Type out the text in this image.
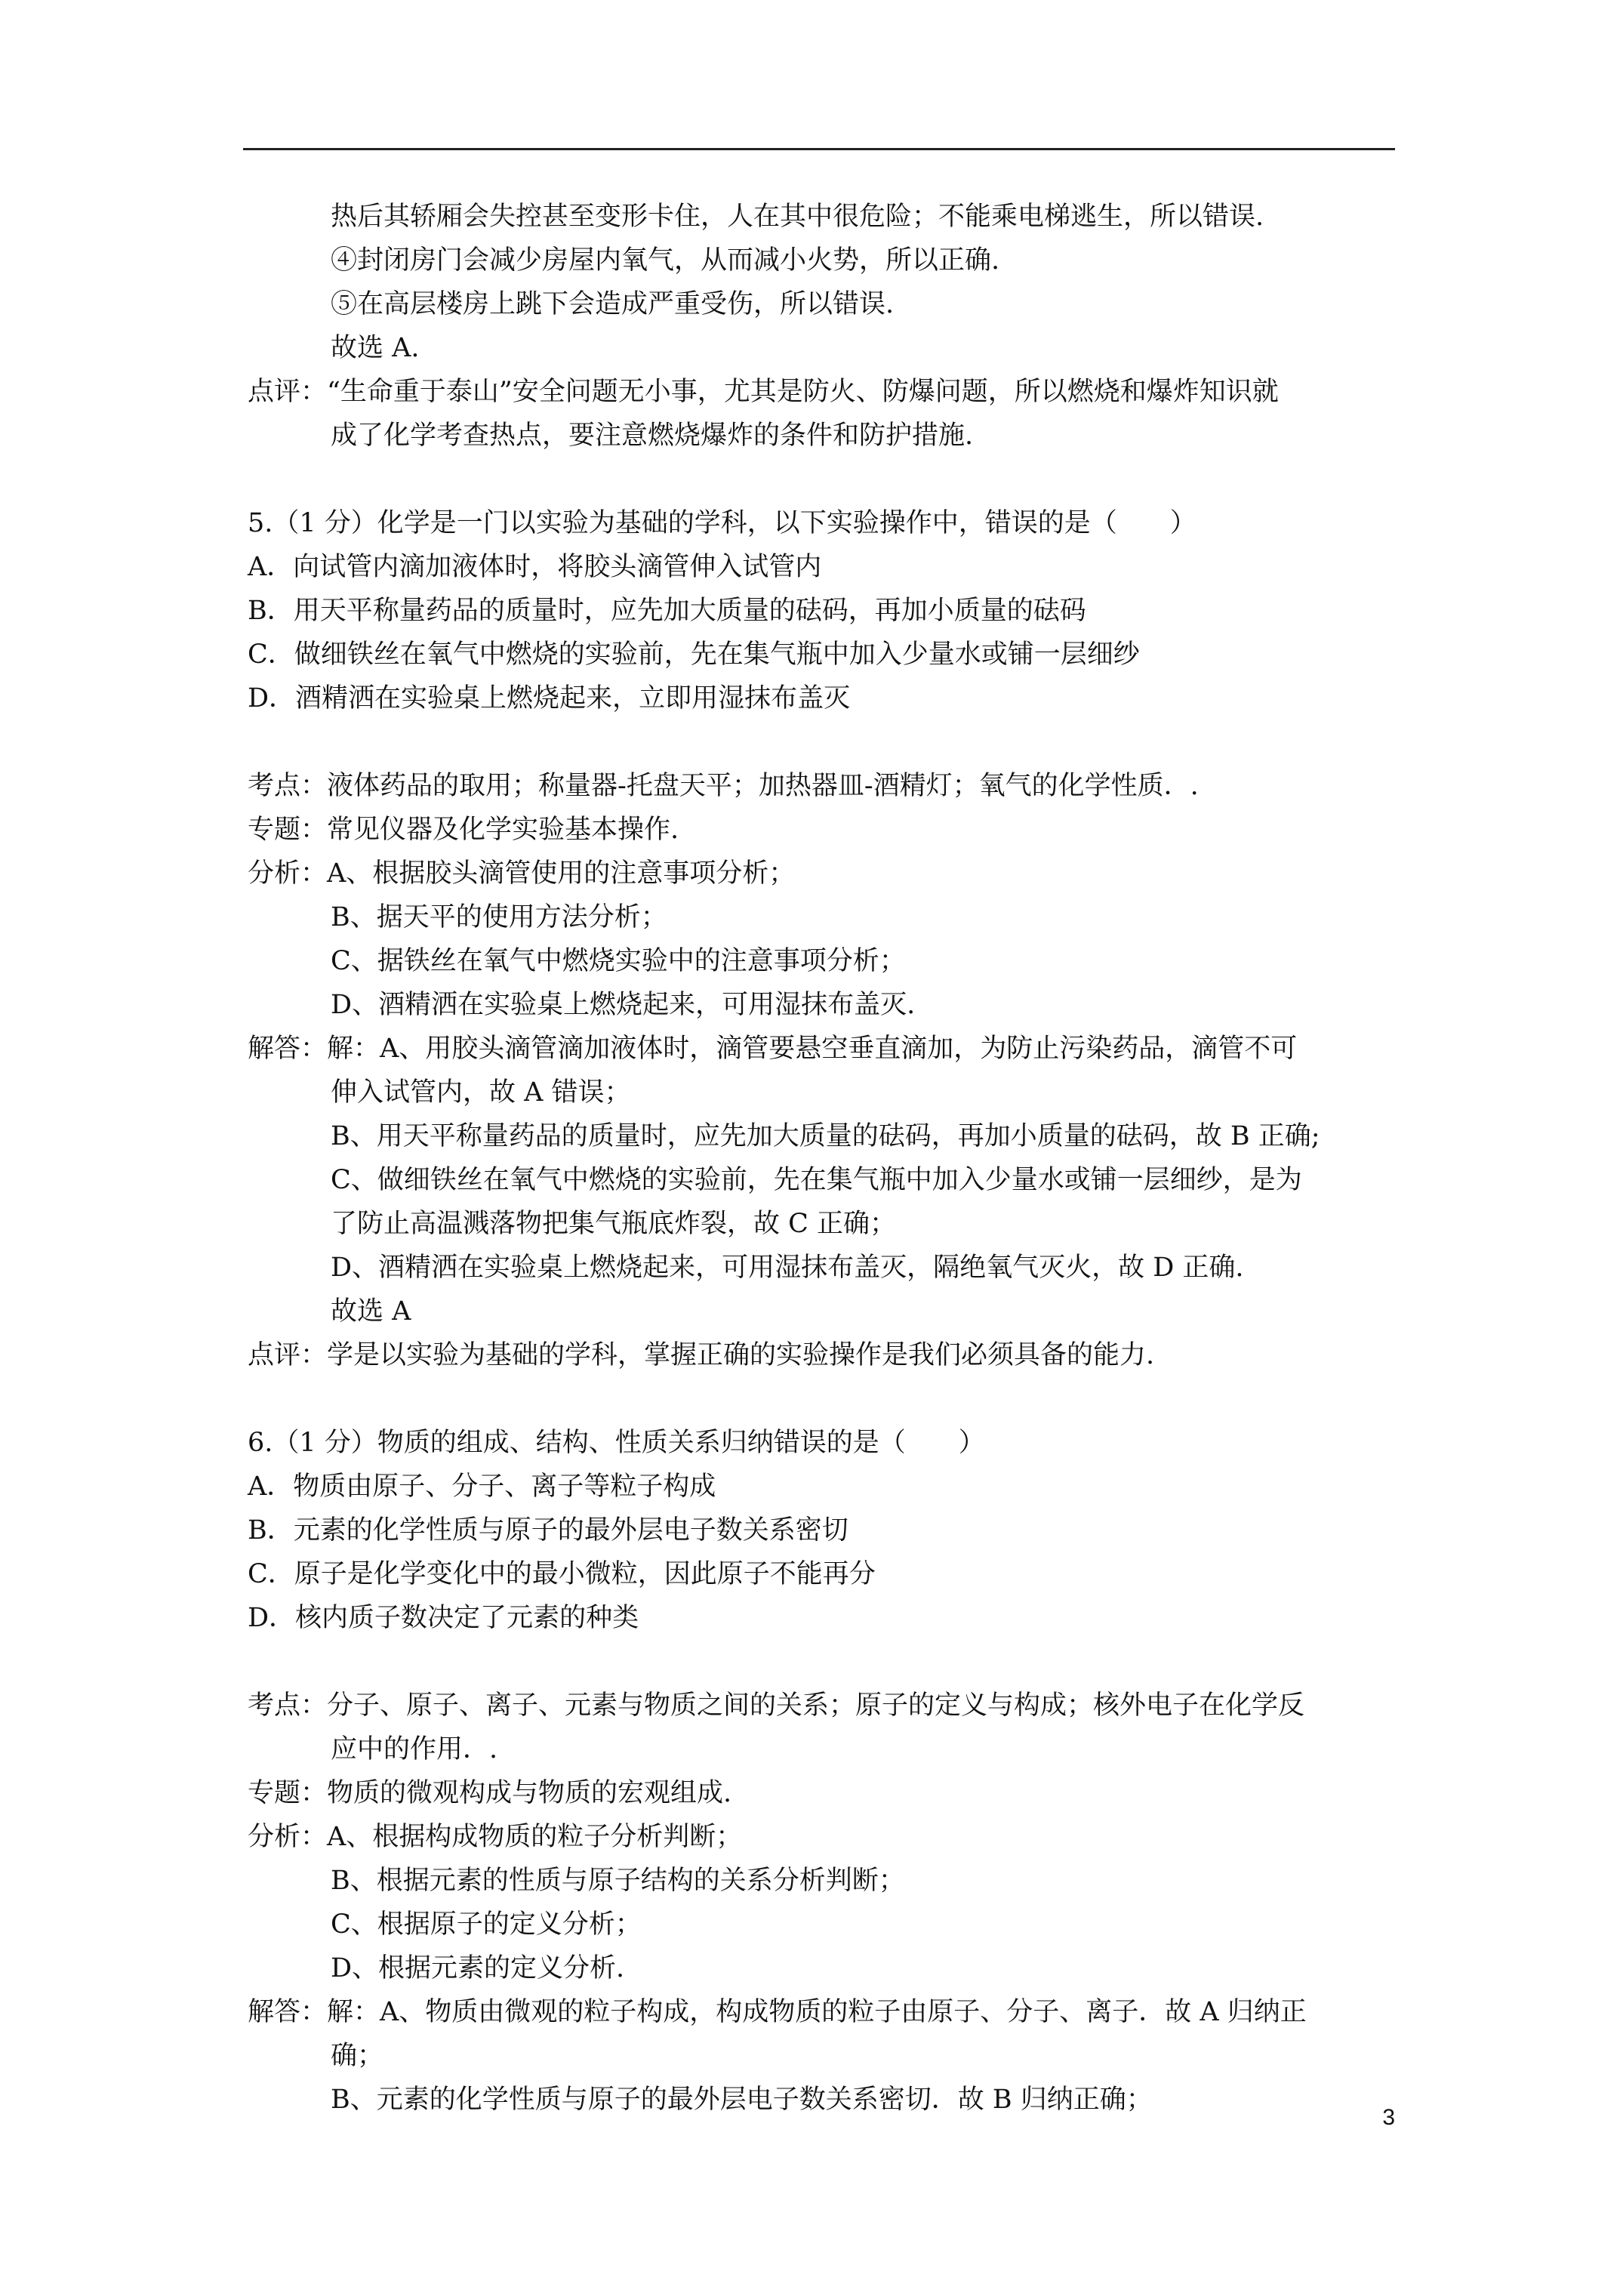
热后其轿厢会失控甚至变形卡住，人在其中很危险；不能乘电梯逃生，所以错误.
④封闭房门会减少房屋内氧气，从而减小火势，所以正确.
⑤在高层楼房上跳下会造成严重受伤，所以错误.
故选 A.
点评：“生命重于泰山”安全问题无小事，尤其是防火、防爆问题，所以燃烧和爆炸知识就
成了化学考查热点，要注意燃烧爆炸的条件和防护措施.
5.（1 分）化学是一门以实验为基础的学科，以下实验操作中，错误的是（　　）
A．向试管内滴加液体时，将胶头滴管伸入试管内
B．用天平称量药品的质量时，应先加大质量的砝码，再加小质量的砝码
C．做细铁丝在氧气中燃烧的实验前，先在集气瓶中加入少量水或铺一层细纱
D．酒精洒在实验桌上燃烧起来，立即用湿抹布盖灭
考点：液体药品的取用；称量器-托盘天平；加热器皿-酒精灯；氧气的化学性质．.
专题：常见仪器及化学实验基本操作.
分析：A、根据胶头滴管使用的注意事项分析；
B、据天平的使用方法分析；
C、据铁丝在氧气中燃烧实验中的注意事项分析；
D、酒精洒在实验桌上燃烧起来，可用湿抹布盖灭.
解答：解：A、用胶头滴管滴加液体时，滴管要悬空垂直滴加，为防止污染药品，滴管不可
伸入试管内，故 A 错误；
B、用天平称量药品的质量时，应先加大质量的砝码，再加小质量的砝码，故 B 正确;
C、做细铁丝在氧气中燃烧的实验前，先在集气瓶中加入少量水或铺一层细纱，是为
了防止高温溅落物把集气瓶底炸裂，故 C 正确；
D、酒精洒在实验桌上燃烧起来，可用湿抹布盖灭，隔绝氧气灭火，故 D 正确.
故选 A
点评：学是以实验为基础的学科，掌握正确的实验操作是我们必须具备的能力.
6.（1 分）物质的组成、结构、性质关系归纳错误的是（　　）
A．物质由原子、分子、离子等粒子构成
B．元素的化学性质与原子的最外层电子数关系密切
C．原子是化学变化中的最小微粒，因此原子不能再分
D．核内质子数决定了元素的种类
考点：分子、原子、离子、元素与物质之间的关系；原子的定义与构成；核外电子在化学反
应中的作用．.
专题：物质的微观构成与物质的宏观组成.
分析：A、根据构成物质的粒子分析判断；
B、根据元素的性质与原子结构的关系分析判断；
C、根据原子的定义分析；
D、根据元素的定义分析.
解答：解：A、物质由微观的粒子构成，构成物质的粒子由原子、分子、离子．故 A 归纳正
确；
B、元素的化学性质与原子的最外层电子数关系密切．故 B 归纳正确；
3
